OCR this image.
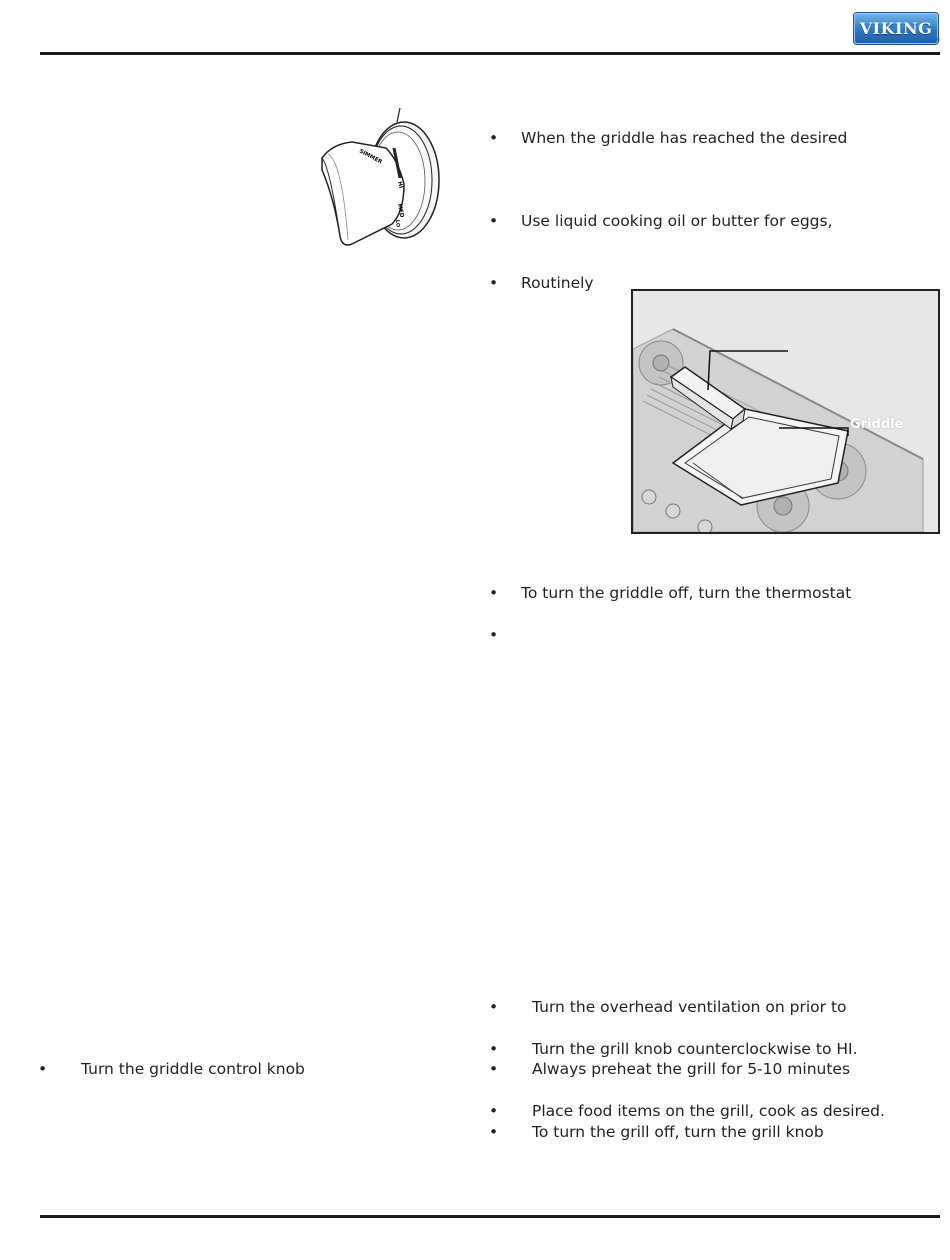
VIKING
®
SIMMER
HI
MED
LO
• When the griddle has reached the desired
• Use liquid cooking oil or butter for eggs,
• Routinely
Griddle
• To turn the griddle off, turn the thermostat
•
• Turn the griddle control knob
• Turn the overhead ventilation on prior to
• Turn the grill knob counterclockwise to HI.
• Always preheat the grill for 5-10 minutes
• Place food items on the grill, cook as desired.
• To turn the grill off, turn the grill knob
